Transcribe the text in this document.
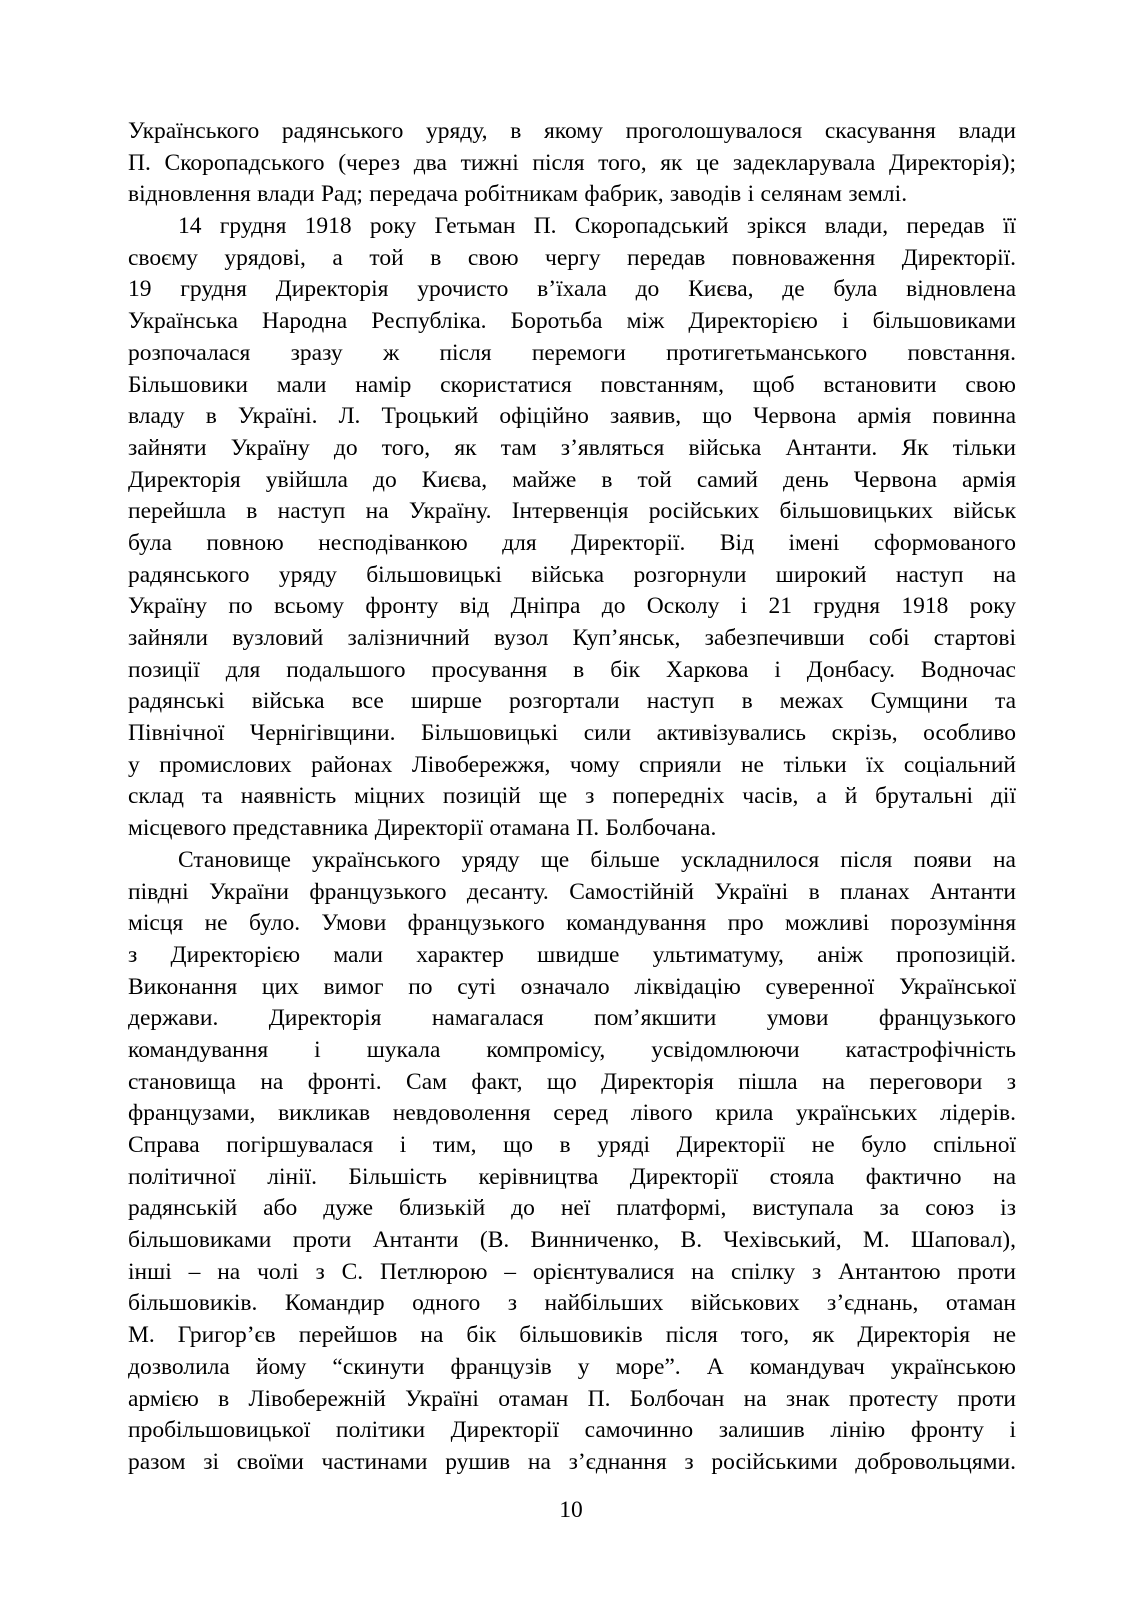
Українського радянського уряду, в якому проголошувалося скасування влади
П. Скоропадського (через два тижні після того, як це задекларувала Директорія);
відновлення влади Рад; передача робітникам фабрик, заводів і селянам землі.
14 грудня 1918 року Гетьман П. Скоропадський зрікся влади, передав її
своєму урядові, а той в свою чергу передав повноваження Директорії.
19 грудня Директорія урочисто в’їхала до Києва, де була відновлена
Українська Народна Республіка. Боротьба між Директорією і більшовиками
розпочалася зразу ж після перемоги протигетьманського повстання.
Більшовики мали намір скористатися повстанням, щоб встановити свою
владу в Україні. Л. Троцький офіційно заявив, що Червона армія повинна
зайняти Україну до того, як там з’являться війська Антанти. Як тільки
Директорія увійшла до Києва, майже в той самий день Червона армія
перейшла в наступ на Україну. Інтервенція російських більшовицьких військ
була повною несподіванкою для Директорії. Від імені сформованого
радянського уряду більшовицькі війська розгорнули широкий наступ на
Україну по всьому фронту від Дніпра до Осколу і 21 грудня 1918 року
зайняли вузловий залізничний вузол Куп’янськ, забезпечивши собі стартові
позиції для подальшого просування в бік Харкова і Донбасу. Водночас
радянські війська все ширше розгортали наступ в межах Сумщини та
Північної Чернігівщини. Більшовицькі сили активізувались скрізь, особливо
у промислових районах Лівобережжя, чому сприяли не тільки їх соціальний
склад та наявність міцних позицій ще з попередніх часів, а й брутальні дії
місцевого представника Директорії отамана П. Болбочана.
Становище українського уряду ще більше ускладнилося після появи на
півдні України французького десанту. Самостійній Україні в планах Антанти
місця не було. Умови французького командування про можливі порозуміння
з Директорією мали характер швидше ультиматуму, аніж пропозицій.
Виконання цих вимог по суті означало ліквідацію суверенної Української
держави. Директорія намагалася пом’якшити умови французького
командування і шукала компромісу, усвідомлюючи катастрофічність
становища на фронті. Сам факт, що Директорія пішла на переговори з
французами, викликав невдоволення серед лівого крила українських лідерів.
Справа погіршувалася і тим, що в уряді Директорії не було спільної
політичної лінії. Більшість керівництва Директорії стояла фактично на
радянській або дуже близькій до неї платформі, виступала за союз із
більшовиками проти Антанти (В. Винниченко, В. Чехівський, М. Шаповал),
інші – на чолі з С. Петлюрою – орієнтувалися на спілку з Антантою проти
більшовиків. Командир одного з найбільших військових з’єднань, отаман
М. Григор’єв перейшов на бік більшовиків після того, як Директорія не
дозволила йому “скинути французів у море”. А командувач українською
армією в Лівобережній Україні отаман П. Болбочан на знак протесту проти
пробільшовицької політики Директорії самочинно залишив лінію фронту і
разом зі своїми частинами рушив на з’єднання з російськими добровольцями.
10
